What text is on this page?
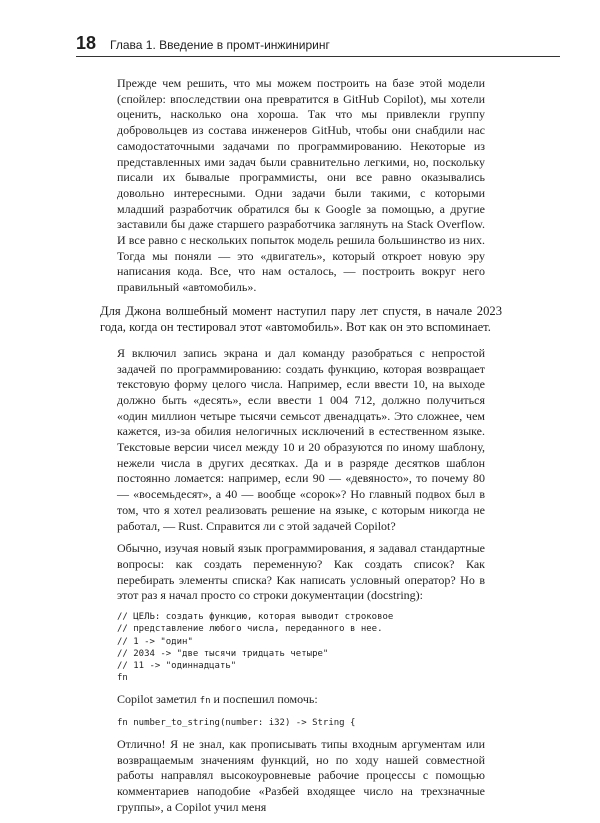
18 Глава 1. Введение в промт-инжиниринг

Прежде чем решить, что мы можем построить на базе этой модели (спойлер: впоследствии она превратится в GitHub Copilot), мы хотели оценить, насколько она хороша. Так что мы привлекли группу добровольцев из состава инженеров GitHub, чтобы они снабдили нас самодостаточными задачами по программированию. Некоторые из представленных ими задач были сравнительно легкими, но, поскольку писали их бывалые программисты, они все равно оказывались довольно интересными. Одни задачи были такими, с которыми младший разработчик обратился бы к Google за помощью, а другие заставили бы даже старшего разработчика заглянуть на Stack Overflow. И все равно с нескольких попыток модель решила большинство из них. Тогда мы поняли — это «двигатель», который откроет новую эру написания кода. Все, что нам осталось, — построить вокруг него правильный «автомобиль».

Для Джона волшебный момент наступил пару лет спустя, в начале 2023 года, когда он тестировал этот «автомобиль». Вот как он это вспоминает.

Я включил запись экрана и дал команду разобраться с непростой задачей по программированию: создать функцию, которая возвращает текстовую форму целого числа. Например, если ввести 10, на выходе должно быть «десять», если ввести 1 004 712, должно получиться «один миллион четыре тысячи семьсот двенадцать». Это сложнее, чем кажется, из-за обилия нелогичных исключений в естественном языке. Текстовые версии чисел между 10 и 20 образуются по иному шаблону, нежели числа в других десятках. Да и в разряде десятков шаблон постоянно ломается: например, если 90 — «девяносто», то почему 80 — «восемьдесят», а 40 — вообще «сорок»? Но главный подвох был в том, что я хотел реализовать решение на языке, с которым никогда не работал, — Rust. Справится ли с этой задачей Copilot?

Обычно, изучая новый язык программирования, я задавал стандартные вопросы: как создать переменную? Как создать список? Как перебирать элементы списка? Как написать условный оператор? Но в этот раз я начал просто со строки документации (docstring):

// ЦЕЛЬ: создать функцию, которая выводит строковое
// представление любого числа, переданного в нее.
// 1 -> "один"
// 2034 -> "две тысячи тридцать четыре"
// 11 -> "одиннадцать"
fn

Copilot заметил fn и поспешил помочь:

fn number_to_string(number: i32) -> String {

Отлично! Я не знал, как прописывать типы входным аргументам или возвращаемым значениям функций, но по ходу нашей совместной работы направлял высокоуровневые рабочие процессы с помощью комментариев наподобие «Разбей входящее число на трехзначные группы», а Copilot учил меня
